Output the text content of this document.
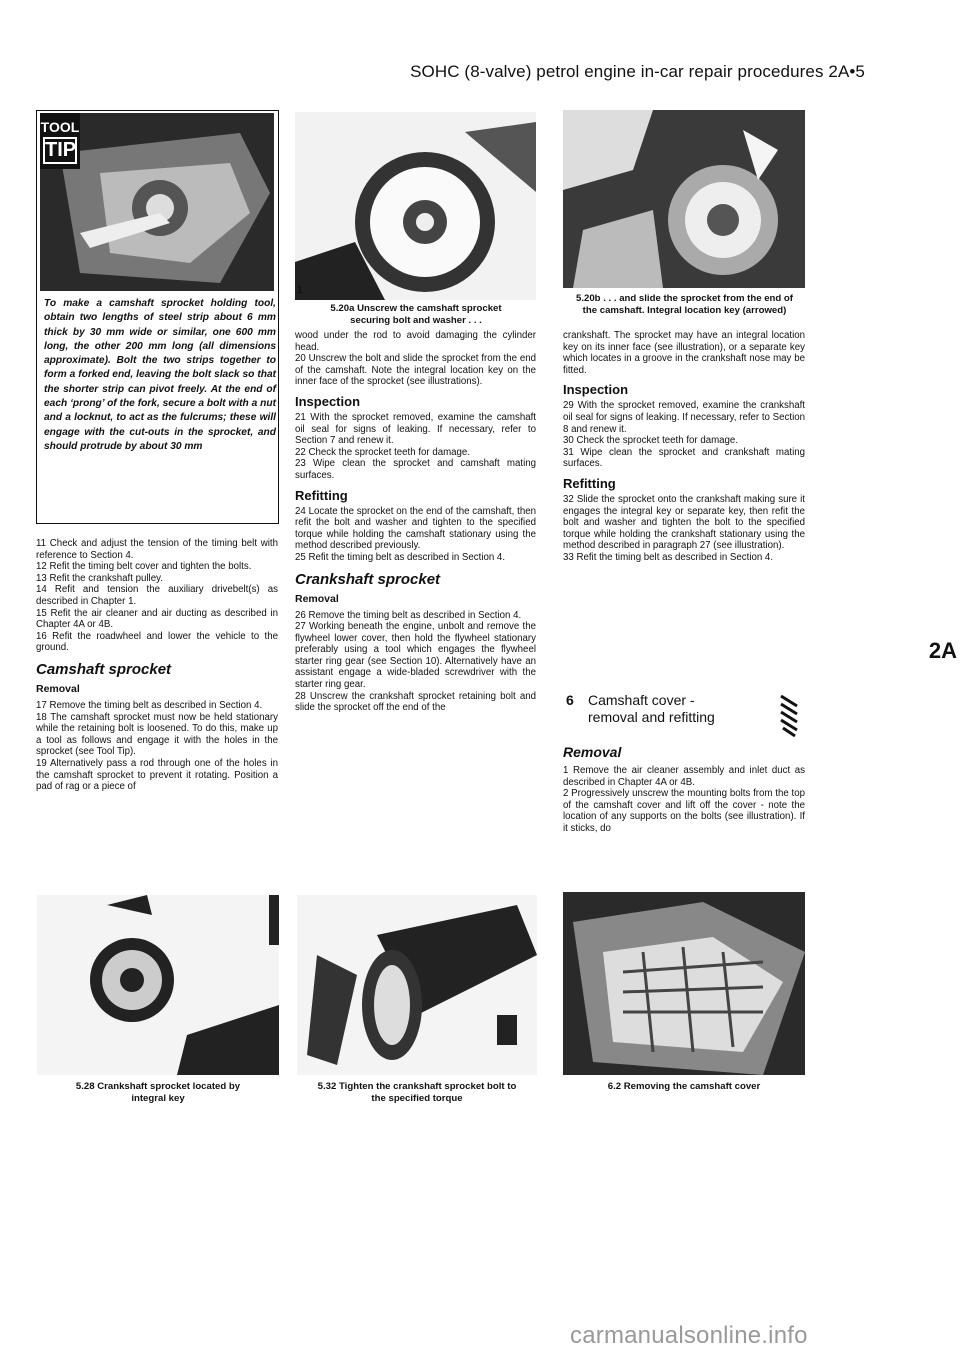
SOHC (8-valve) petrol engine in-car repair procedures 2A•5
TOOL
TIP
To make a camshaft sprocket holding tool, obtain two lengths of steel strip about 6 mm thick by 30 mm wide or similar, one 600 mm long, the other 200 mm long (all dimensions approximate). Bolt the two strips together to form a forked end, leaving the bolt slack so that the shorter strip can pivot freely. At the end of each ‘prong’ of the fork, secure a bolt with a nut and a locknut, to act as the fulcrums; these will engage with the cut-outs in the sprocket, and should protrude by about 30 mm

11 Check and adjust the tension of the timing belt with reference to Section 4.

12 Refit the timing belt cover and tighten the bolts.

13 Refit the crankshaft pulley.

14 Refit and tension the auxiliary drivebelt(s) as described in Chapter 1.

15 Refit the air cleaner and air ducting as described in Chapter 4A or 4B.

16 Refit the roadwheel and lower the vehicle to the ground.

Camshaft sprocket
Removal

17 Remove the timing belt as described in Section 4.

18 The camshaft sprocket must now be held stationary while the retaining bolt is loosened. To do this, make up a tool as follows and engage it with the holes in the sprocket (see Tool Tip).

19 Alternatively pass a rod through one of the holes in the camshaft sprocket to prevent it rotating. Position a pad of rag or a piece of

1
5.20a Unscrew the camshaft sprocket securing bolt and washer . . .

wood under the rod to avoid damaging the cylinder head.

20 Unscrew the bolt and slide the sprocket from the end of the camshaft. Note the integral location key on the inner face of the sprocket (see illustrations).

Inspection

21 With the sprocket removed, examine the camshaft oil seal for signs of leaking. If necessary, refer to Section 7 and renew it.

22 Check the sprocket teeth for damage.

23 Wipe clean the sprocket and camshaft mating surfaces.

Refitting

24 Locate the sprocket on the end of the camshaft, then refit the bolt and washer and tighten to the specified torque while holding the camshaft stationary using the method described previously.

25 Refit the timing belt as described in Section 4.

Crankshaft sprocket
Removal

26 Remove the timing belt as described in Section 4.

27 Working beneath the engine, unbolt and remove the flywheel lower cover, then hold the flywheel stationary preferably using a tool which engages the flywheel starter ring gear (see Section 10). Alternatively have an assistant engage a wide-bladed screwdriver with the starter ring gear.

28 Unscrew the crankshaft sprocket retaining bolt and slide the sprocket off the end of the

5.20b . . . and slide the sprocket from the end of the camshaft. Integral location key (arrowed)

crankshaft. The sprocket may have an integral location key on its inner face (see illustration), or a separate key which locates in a groove in the crankshaft nose may be fitted.

Inspection

29 With the sprocket removed, examine the crankshaft oil seal for signs of leaking. If necessary, refer to Section 8 and renew it.

30 Check the sprocket teeth for damage.

31 Wipe clean the sprocket and crankshaft mating surfaces.

Refitting

32 Slide the sprocket onto the crankshaft making sure it engages the integral key or separate key, then refit the bolt and washer and tighten the bolt to the specified torque while holding the crankshaft stationary using the method described in paragraph 27 (see illustration).

33 Refit the timing belt as described in Section 4.

6 Camshaft cover - removal and refitting
Removal

1 Remove the air cleaner assembly and inlet duct as described in Chapter 4A or 4B.

2 Progressively unscrew the mounting bolts from the top of the camshaft cover and lift off the cover - note the location of any supports on the bolts (see illustration). If it sticks, do

5.28 Crankshaft sprocket located by integral key
5.32 Tighten the crankshaft sprocket bolt to the specified torque
6.2 Removing the camshaft cover
2A
carmanualsonline.info
